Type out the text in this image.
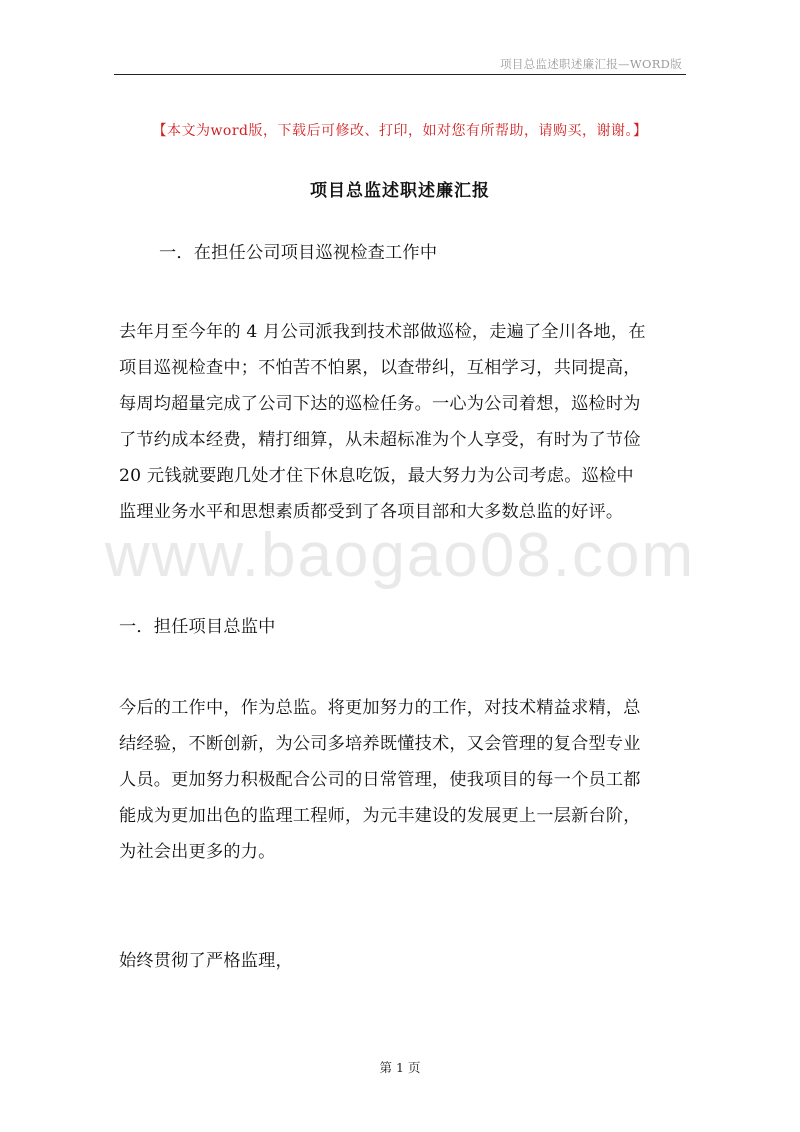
项目总监述职述廉汇报—WORD版
www.baogao08.com
【本文为word版，下载后可修改、打印，如对您有所帮助，请购买，谢谢。】
项目总监述职述廉汇报
一．在担任公司项目巡视检查工作中
去年月至今年的 4 月公司派我到技术部做巡检，走遍了全川各地，在
项目巡视检查中；不怕苦不怕累，以查带纠，互相学习，共同提高，
每周均超量完成了公司下达的巡检任务。一心为公司着想，巡检时为
了节约成本经费，精打细算，从未超标准为个人享受，有时为了节俭
20 元钱就要跑几处才住下休息吃饭，最大努力为公司考虑。巡检中
监理业务水平和思想素质都受到了各项目部和大多数总监的好评。
一．担任项目总监中
今后的工作中，作为总监。将更加努力的工作，对技术精益求精，总
结经验，不断创新，为公司多培养既懂技术，又会管理的复合型专业
人员。更加努力积极配合公司的日常管理，使我项目的每一个员工都
能成为更加出色的监理工程师，为元丰建设的发展更上一层新台阶，
为社会出更多的力。
始终贯彻了严格监理，
第 1 页
